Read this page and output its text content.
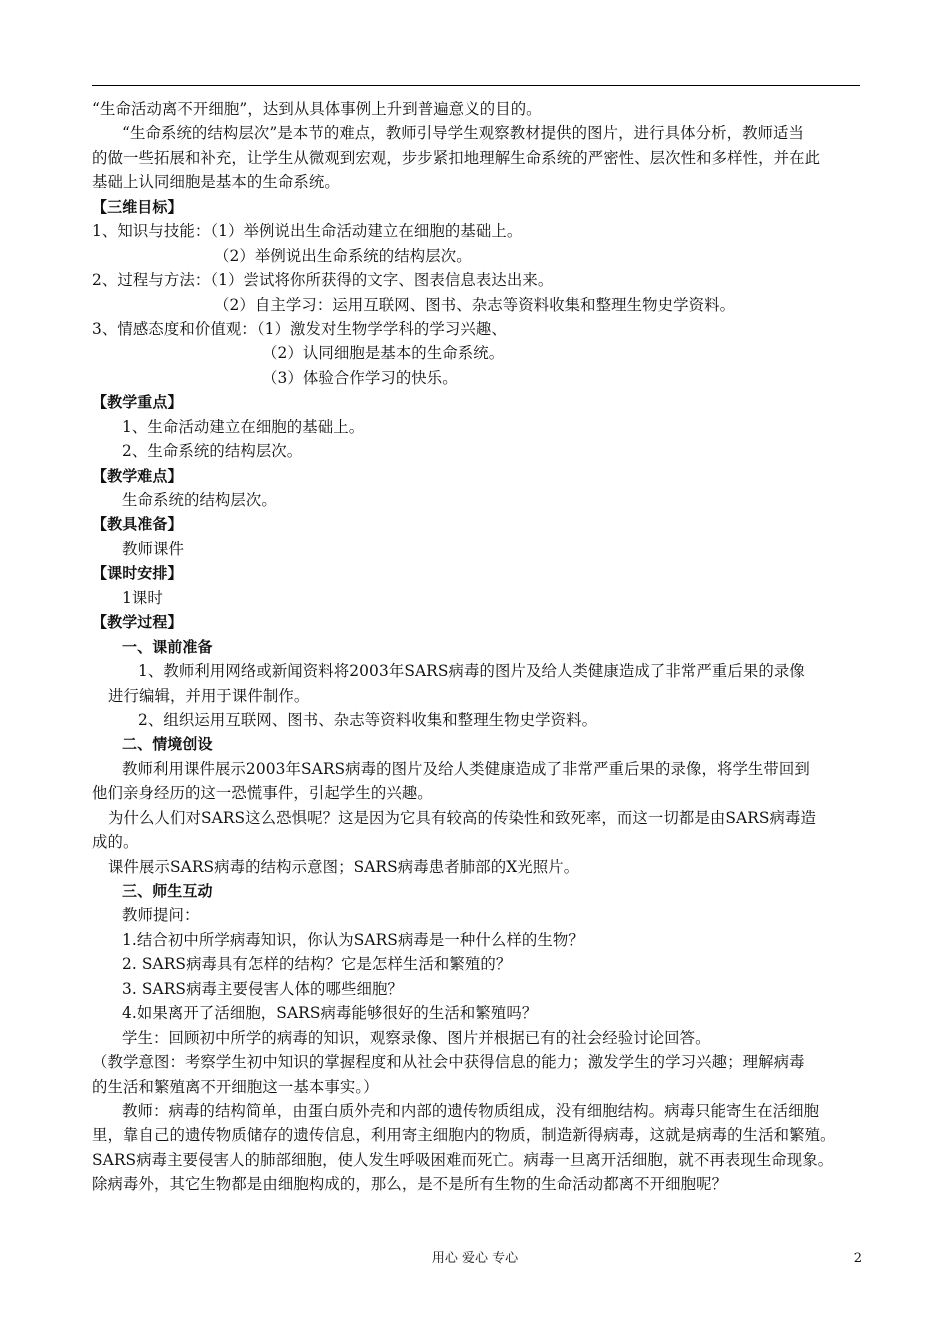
“生命活动离不开细胞”，达到从具体事例上升到普遍意义的目的。
“生命系统的结构层次”是本节的难点，教师引导学生观察教材提供的图片，进行具体分析，教师适当
的做一些拓展和补充，让学生从微观到宏观，步步紧扣地理解生命系统的严密性、层次性和多样性，并在此
基础上认同细胞是基本的生命系统。
【三维目标】
1、知识与技能：（1）举例说出生命活动建立在细胞的基础上。
（2）举例说出生命系统的结构层次。
2、过程与方法：（1）尝试将你所获得的文字、图表信息表达出来。
（2）自主学习：运用互联网、图书、杂志等资料收集和整理生物史学资料。
3、情感态度和价值观：（1）激发对生物学学科的学习兴趣、
（2）认同细胞是基本的生命系统。
（3）体验合作学习的快乐。
【教学重点】
1、生命活动建立在细胞的基础上。
2、生命系统的结构层次。
【教学难点】
生命系统的结构层次。
【教具准备】
教师课件
【课时安排】
1课时
【教学过程】
一、课前准备
1、教师利用网络或新闻资料将2003年SARS病毒的图片及给人类健康造成了非常严重后果的录像
进行编辑，并用于课件制作。
2、组织运用互联网、图书、杂志等资料收集和整理生物史学资料。
二、情境创设
教师利用课件展示2003年SARS病毒的图片及给人类健康造成了非常严重后果的录像，将学生带回到
他们亲身经历的这一恐慌事件，引起学生的兴趣。
为什么人们对SARS这么恐惧呢？这是因为它具有较高的传染性和致死率，而这一切都是由SARS病毒造
成的。
课件展示SARS病毒的结构示意图；SARS病毒患者肺部的X光照片。
三、师生互动
教师提问：
1.结合初中所学病毒知识，你认为SARS病毒是一种什么样的生物？
2. SARS病毒具有怎样的结构？它是怎样生活和繁殖的？
3. SARS病毒主要侵害人体的哪些细胞？
4.如果离开了活细胞，SARS病毒能够很好的生活和繁殖吗？
学生：回顾初中所学的病毒的知识，观察录像、图片并根据已有的社会经验讨论回答。
（教学意图：考察学生初中知识的掌握程度和从社会中获得信息的能力；激发学生的学习兴趣；理解病毒
的生活和繁殖离不开细胞这一基本事实。）
教师：病毒的结构简单，由蛋白质外壳和内部的遗传物质组成，没有细胞结构。病毒只能寄生在活细胞
里，靠自己的遗传物质储存的遗传信息，利用寄主细胞内的物质，制造新得病毒，这就是病毒的生活和繁殖。
SARS病毒主要侵害人的肺部细胞，使人发生呼吸困难而死亡。病毒一旦离开活细胞，就不再表现生命现象。
除病毒外，其它生物都是由细胞构成的，那么，是不是所有生物的生命活动都离不开细胞呢？
用心 爱心 专心	2
